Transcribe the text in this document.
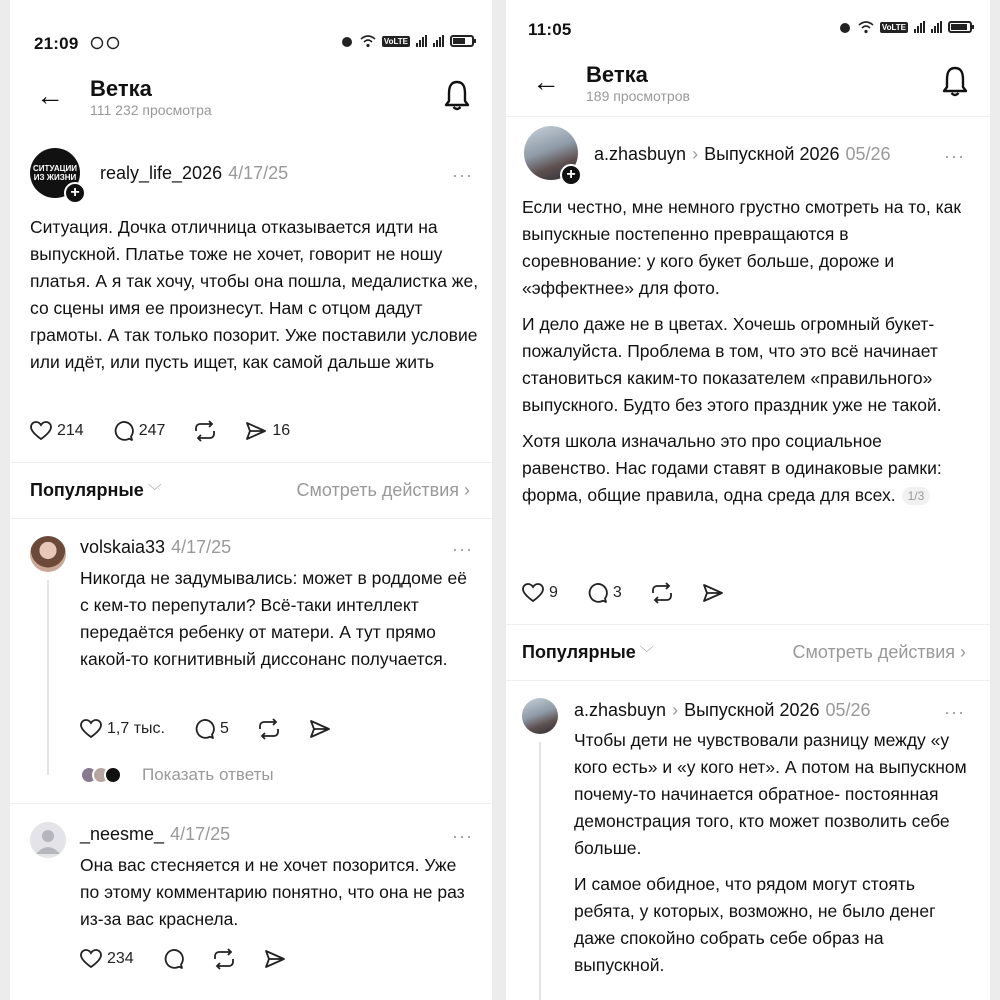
21:09	VoLTE
← Ветка
111 232 просмотра
СИТУАЦИИ
ИЗ ЖИЗНИ
+
realy_life_2026 4/17/25	···
Ситуация. Дочка отличница отказывается идти на выпускной. Платье тоже не хочет, говорит не ношу платья. А я так хочу, чтобы она пошла, медалистка же, со сцены имя ее произнесут. Нам с отцом дадут грамоты. А так только позорит. Уже поставили условие или идёт, или пусть ищет, как самой дальше жить
214	247	16
Популярные ﹀	Смотреть действия ›
volskaia33 4/17/25	···
Никогда не задумывались: может в роддоме её с кем-то перепутали? Всё-таки интеллект передаётся ребенку от матери. А тут прямо какой-то когнитивный диссонанс получается.
1,7 тыс.	5
Показать ответы
_neesme_ 4/17/25	···
Она вас стесняется и не хочет позорится. Уже по этому комментарию понятно, что она не раз из-за вас краснела.
234
11:05	VoLTE
← Ветка
189 просмотров
+
a.zhasbuyn › Выпускной 2026 05/26	···

Если честно, мне немного грустно смотреть на то, как выпускные постепенно превращаются в соревнование: у кого букет больше, дороже и «эффектнее» для фото.

И дело даже не в цветах. Хочешь огромный букет- пожалуйста. Проблема в том, что это всё начинает становиться каким-то показателем «правильного» выпускного. Будто без этого праздник уже не такой.

Хотя школа изначально это про социальное равенство. Нас годами ставят в одинаковые рамки: форма, общие правила, одна среда для всех. 1/3

9	3
Популярные ﹀	Смотреть действия ›
a.zhasbuyn › Выпускной 2026 05/26	···

Чтобы дети не чувствовали разницу между «у кого есть» и «у кого нет». А потом на выпускном почему-то начинается обратное- постоянная демонстрация того, кто может позволить себе больше.

И самое обидное, что рядом могут стоять ребята, у которых, возможно, не было денег даже спокойно собрать себе образ на выпускной.
